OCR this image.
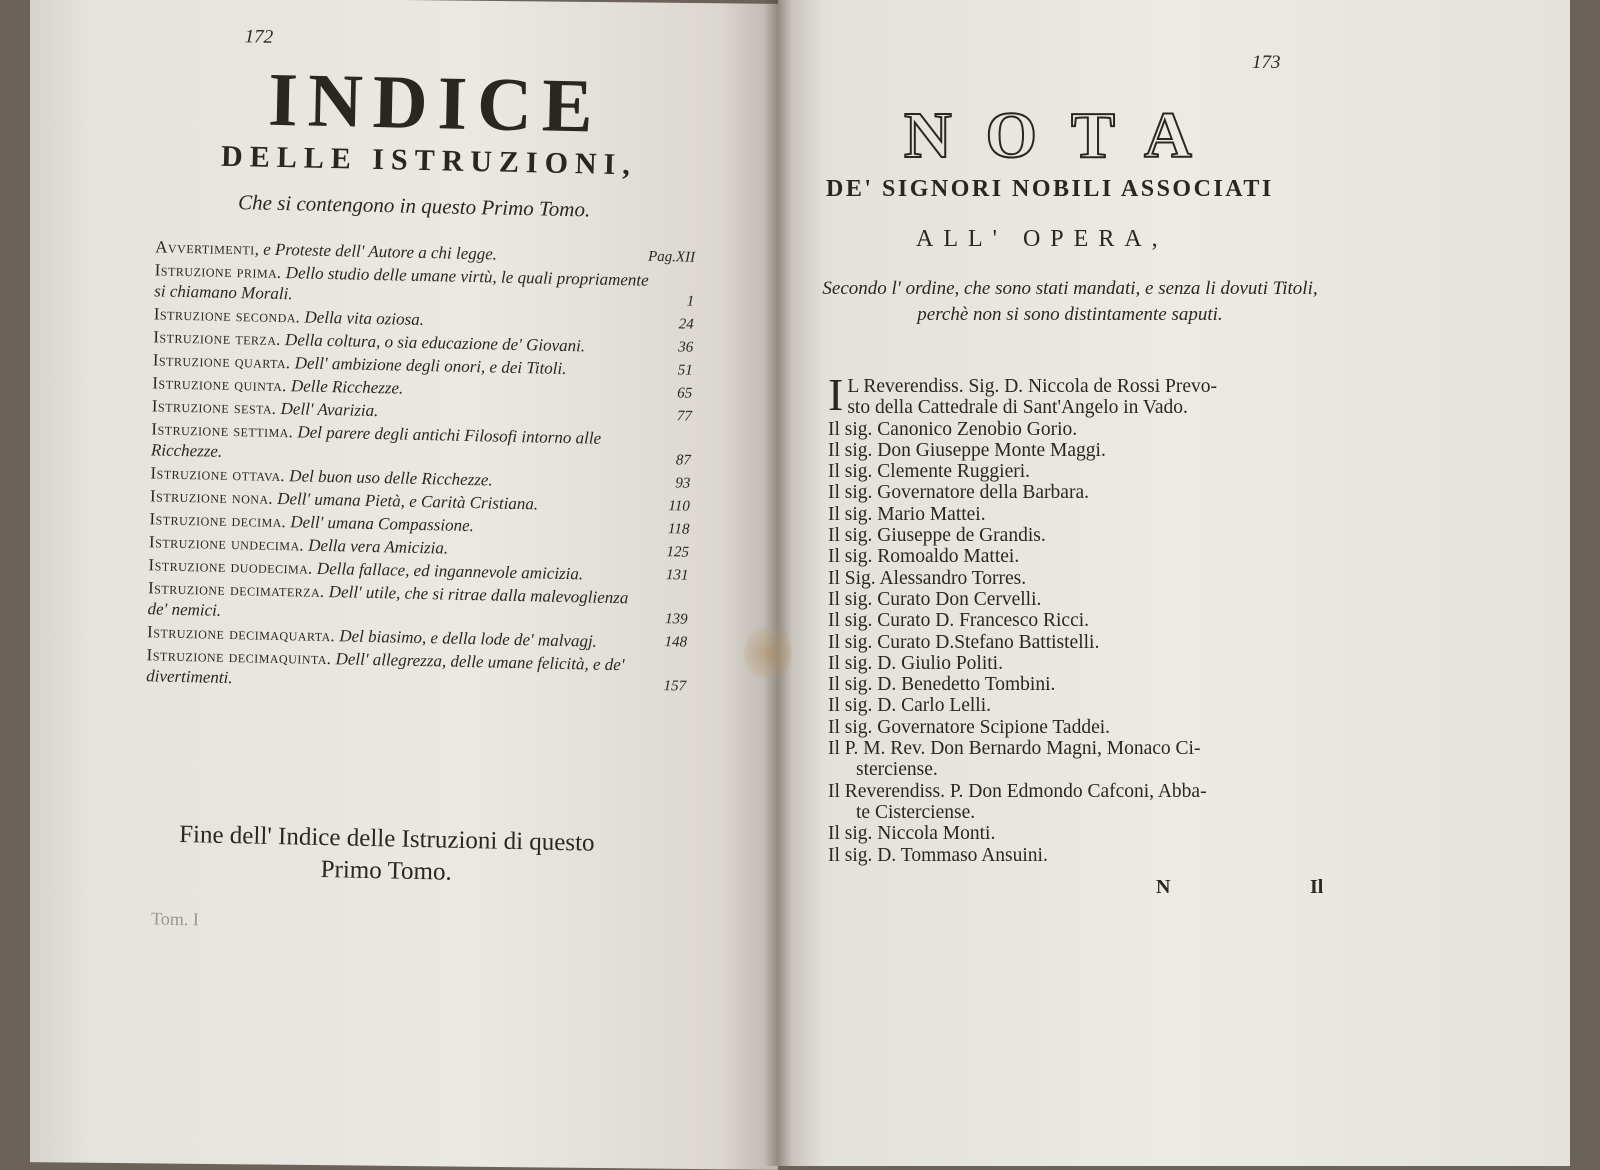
172
INDICE
DELLE ISTRUZIONI,
Che si contengono in questo Primo Tomo.
Avvertimenti, e Proteste dell' Autore a chi legge.	Pag.XII
Istruzione prima. Dello studio delle umane virtù, le quali propriamente si chiamano Morali.	1
Istruzione seconda. Della vita oziosa.	24
Istruzione terza. Della coltura, o sia educazione de' Giovani.	36
Istruzione quarta. Dell' ambizione degli onori, e dei Titoli.	51
Istruzione quinta. Delle Ricchezze.	65
Istruzione sesta. Dell' Avarizia.	77
Istruzione settima. Del parere degli antichi Filosofi intorno alle Ricchezze.	87
Istruzione ottava. Del buon uso delle Ricchezze.	93
Istruzione nona. Dell' umana Pietà, e Carità Cristiana.	110
Istruzione decima. Dell' umana Compassione.	118
Istruzione undecima. Della vera Amicizia.	125
Istruzione duodecima. Della fallace, ed ingannevole amicizia.	131
Istruzione decimaterza. Dell' utile, che si ritrae dalla malevoglienza de' nemici.	139
Istruzione decimaquarta. Del biasimo, e della lode de' malvagj.	148
Istruzione decimaquinta. Dell' allegrezza, delle umane felicità, e de' divertimenti.	157
Fine dell' Indice delle Istruzioni di questo Primo Tomo.
Tom. I
173
NOTA
DE' SIGNORI NOBILI ASSOCIATI
ALL' OPERA,
Secondo l' ordine, che sono stati mandati, e senza li dovuti Titoli, perchè non si sono distintamente saputi.
I L Reverendiss. Sig. D. Niccola de Rossi Prevo-
sto della Cattedrale di Sant'Angelo in Vado.
Il sig. Canonico Zenobio Gorio.
Il sig. Don Giuseppe Monte Maggi.
Il sig. Clemente Ruggieri.
Il sig. Governatore della Barbara.
Il sig. Mario Mattei.
Il sig. Giuseppe de Grandis.
Il sig. Romoaldo Mattei.
Il Sig. Alessandro Torres.
Il sig. Curato Don Cervelli.
Il sig. Curato D. Francesco Ricci.
Il sig. Curato D.Stefano Battistelli.
Il sig. D. Giulio Politi.
Il sig. D. Benedetto Tombini.
Il sig. D. Carlo Lelli.
Il sig. Governatore Scipione Taddei.
Il P. M. Rev. Don Bernardo Magni, Monaco Ci-
sterciense.
Il Reverendiss. P. Don Edmondo Cafconi, Abba-
te Cisterciense.
Il sig. Niccola Monti.
Il sig. D. Tommaso Ansuini.
N	Il
